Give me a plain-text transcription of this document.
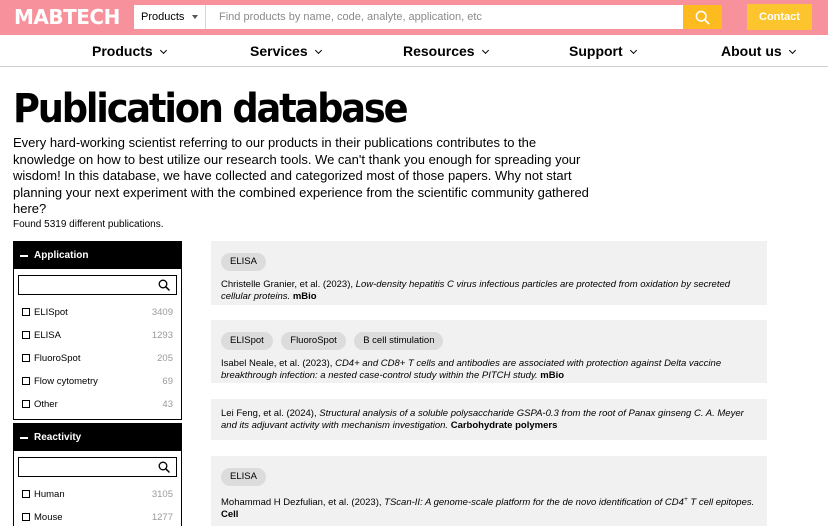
MABTECH	Products
Find products by name, code, analyte, application, etc	Contact
Products	Services	Resources	Support	About us
Publication database

Every hard-working scientist referring to our products in their publications contributes to the knowledge on how to best utilize our research tools. We can't thank you enough for spreading your wisdom! In this database, we have collected and categorized most of those papers. Why not start planning your next experiment with the combined experience from the scientific community gathered here?

Found 5319 different publications.
Application
ELISpot	3409
ELISA	1293
FluoroSpot	205
Flow cytometry	69
Other	43
Reactivity
Human	3105
Mouse	1277
ELISA
Christelle Granier, et al. (2023), Low-density hepatitis C virus infectious particles are protected from oxidation by secreted cellular proteins. mBio
ELISpot	FluoroSpot	B cell stimulation
Isabel Neale, et al. (2023), CD4+ and CD8+ T cells and antibodies are associated with protection against Delta vaccine breakthrough infection: a nested case-control study within the PITCH study. mBio
Lei Feng, et al. (2024), Structural analysis of a soluble polysaccharide GSPA-0.3 from the root of Panax ginseng C. A. Meyer and its adjuvant activity with mechanism investigation. Carbohydrate polymers
ELISA
Mohammad H Dezfulian, et al. (2023), TScan-II: A genome-scale platform for the de novo identification of CD4+ T cell epitopes. Cell
